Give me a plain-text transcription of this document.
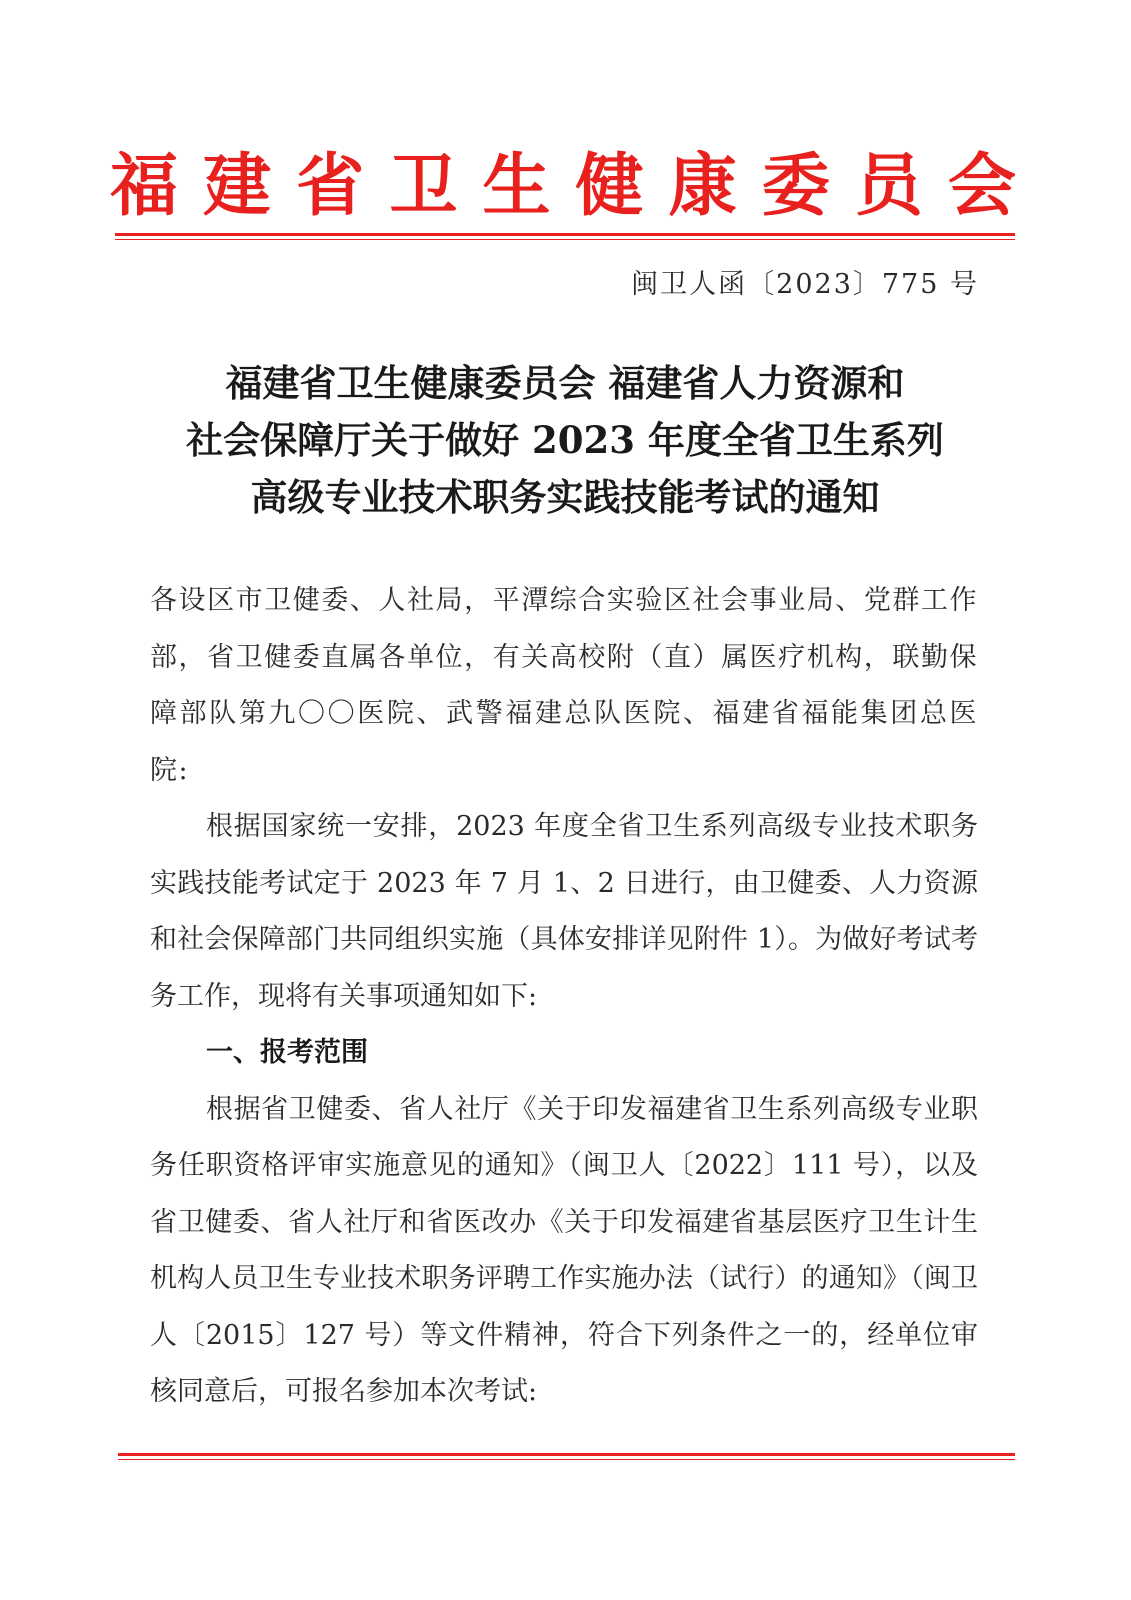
福 建 省 卫 生 健 康 委 员 会
闽卫人函〔2023〕775 号
福建省卫生健康委员会 福建省人力资源和
社会保障厅关于做好 2023 年度全省卫生系列
高级专业技术职务实践技能考试的通知

各设区市卫健委、人社局，平潭综合实验区社会事业局、党群工作部，省卫健委直属各单位，有关高校附（直）属医疗机构，联勤保障部队第九〇〇医院、武警福建总队医院、福建省福能集团总医院:

根据国家统一安排，2023 年度全省卫生系列高级专业技术职务实践技能考试定于 2023 年 7 月 1、2 日进行，由卫健委、人力资源和社会保障部门共同组织实施（具体安排详见附件 1）。为做好考试考务工作，现将有关事项通知如下:

一、报考范围

根据省卫健委、省人社厅《关于印发福建省卫生系列高级专业职务任职资格评审实施意见的通知》（闽卫人〔2022〕111 号），以及省卫健委、省人社厅和省医改办《关于印发福建省基层医疗卫生计生机构人员卫生专业技术职务评聘工作实施办法（试行）的通知》（闽卫人〔2015〕127 号）等文件精神，符合下列条件之一的，经单位审核同意后，可报名参加本次考试:
